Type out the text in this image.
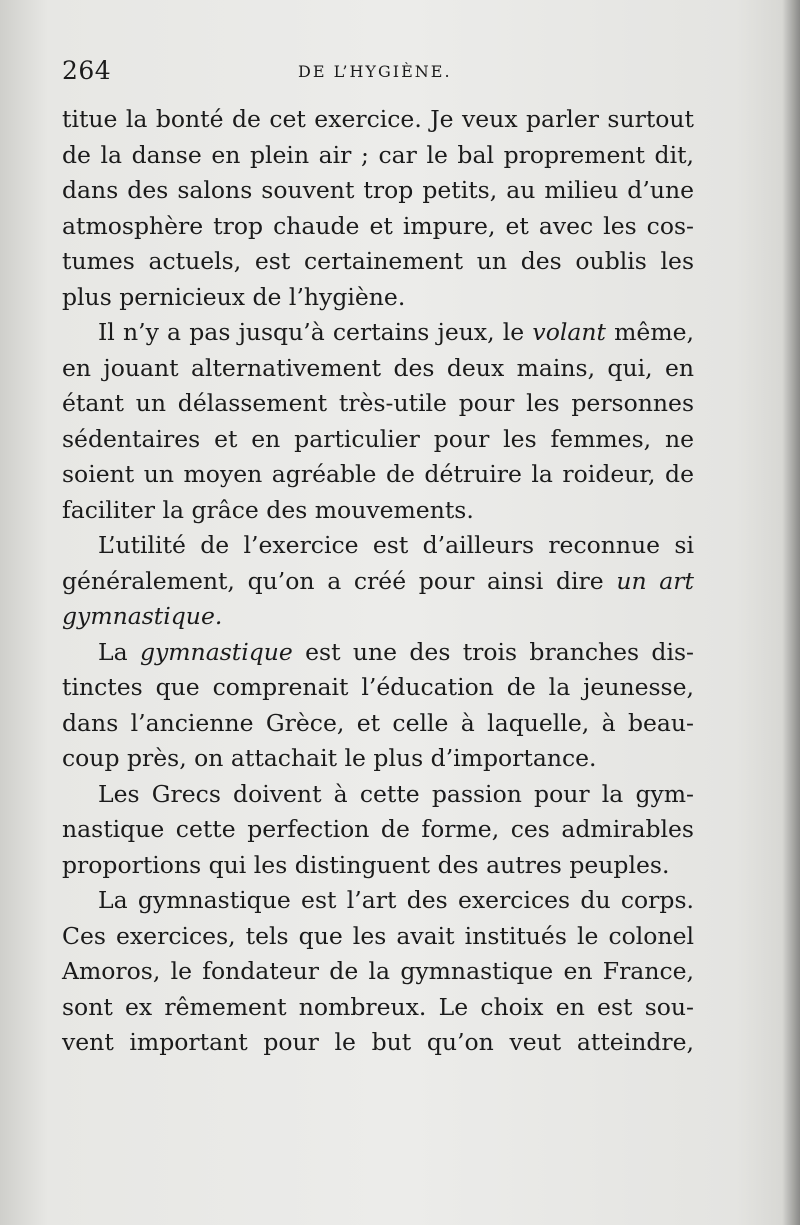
264	DE L’HYGIÈNE.
titue la bonté de cet exercice. Je veux parler surtout
de la danse en plein air ; car le bal proprement dit,
dans des salons souvent trop petits, au milieu d’une
atmosphère trop chaude et impure, et avec les cos-
tumes actuels, est certainement un des oublis les
plus pernicieux de l’hygiène.
Il n’y a pas jusqu’à certains jeux, le volant même,
en jouant alternativement des deux mains, qui, en
étant un délassement très-utile pour les personnes
sédentaires et en particulier pour les femmes, ne
soient un moyen agréable de détruire la roideur, de
faciliter la grâce des mouvements.
L’utilité de l’exercice est d’ailleurs reconnue si
généralement, qu’on a créé pour ainsi dire un art
gymnastique.
La gymnastique est une des trois branches dis-
tinctes que comprenait l’éducation de la jeunesse,
dans l’ancienne Grèce, et celle à laquelle, à beau-
coup près, on attachait le plus d’importance.
Les Grecs doivent à cette passion pour la gym-
nastique cette perfection de forme, ces admirables
proportions qui les distinguent des autres peuples.
La gymnastique est l’art des exercices du corps.
Ces exercices, tels que les avait institués le colonel
Amoros, le fondateur de la gymnastique en France,
sont ex rêmement nombreux. Le choix en est sou-
vent important pour le but qu’on veut atteindre,
